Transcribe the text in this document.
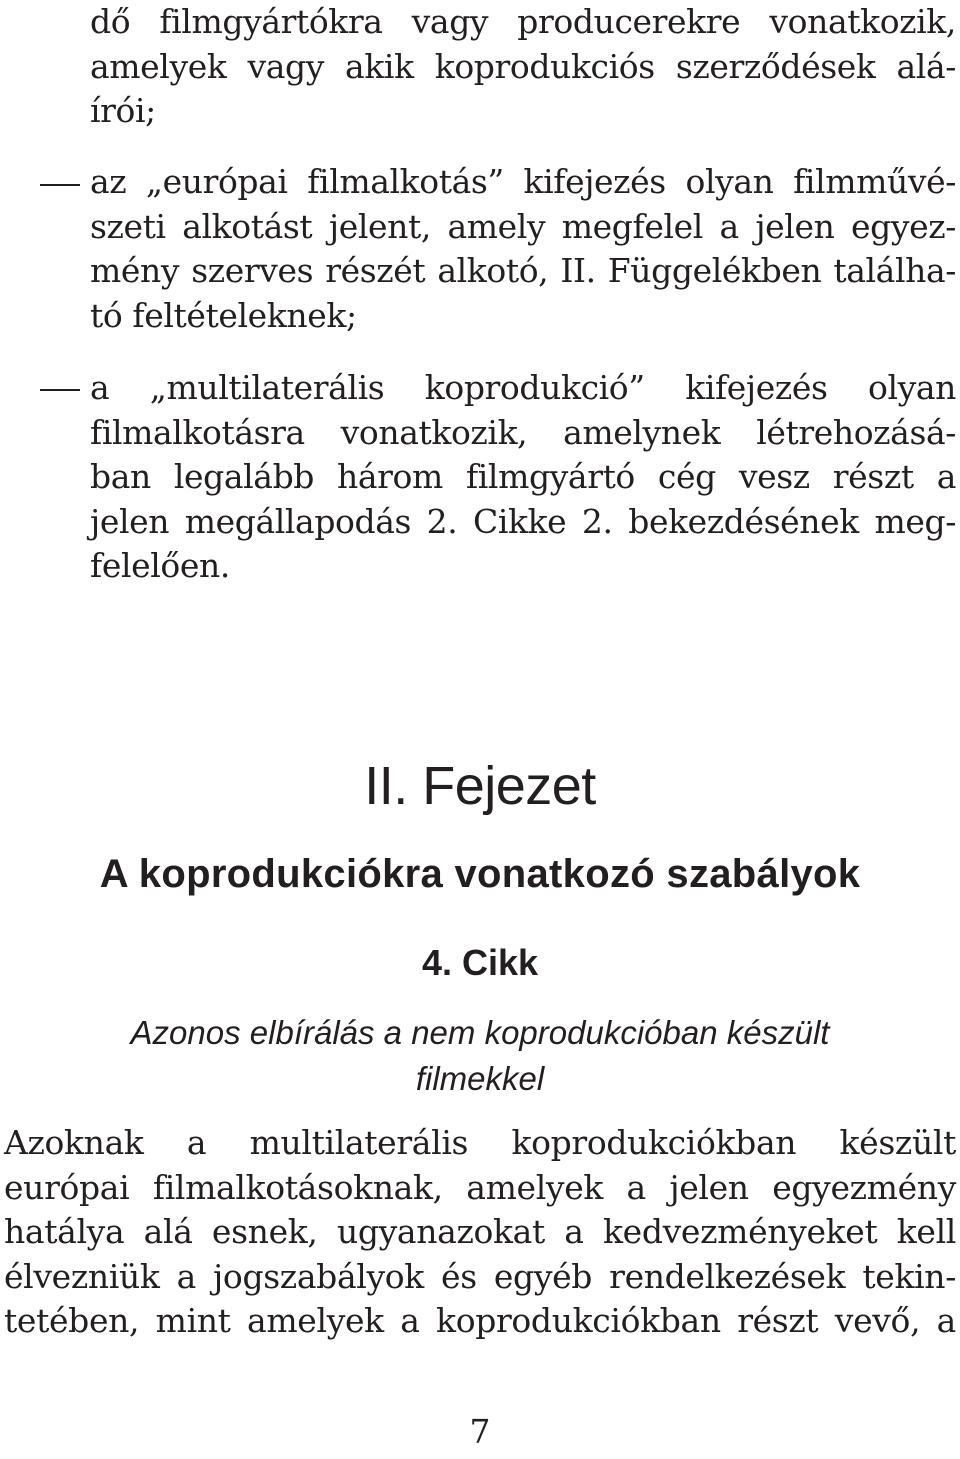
dő filmgyártókra vagy producerekre vonatkozik,
amelyek vagy akik koprodukciós szerződések alá-
írói;
az „európai filmalkotás” kifejezés olyan filmművé-
szeti alkotást jelent, amely megfelel a jelen egyez-
mény szerves részét alkotó, II. Függelékben találha-
tó feltételeknek;
a „multilaterális koprodukció” kifejezés olyan
filmalkotásra vonatkozik, amelynek létrehozásá-
ban legalább három filmgyártó cég vesz részt a
jelen megállapodás 2. Cikke 2. bekezdésének meg-
felelően.
II. Fejezet
A koprodukciókra vonatkozó szabályok
4. Cikk
Azonos elbírálás a nem koprodukcióban készült
filmekkel
Azoknak a multilaterális koprodukciókban készült
európai filmalkotásoknak, amelyek a jelen egyezmény
hatálya alá esnek, ugyanazokat a kedvezményeket kell
élvezniük a jogszabályok és egyéb rendelkezések tekin-
tetében, mint amelyek a koprodukciókban részt vevő, a
7
